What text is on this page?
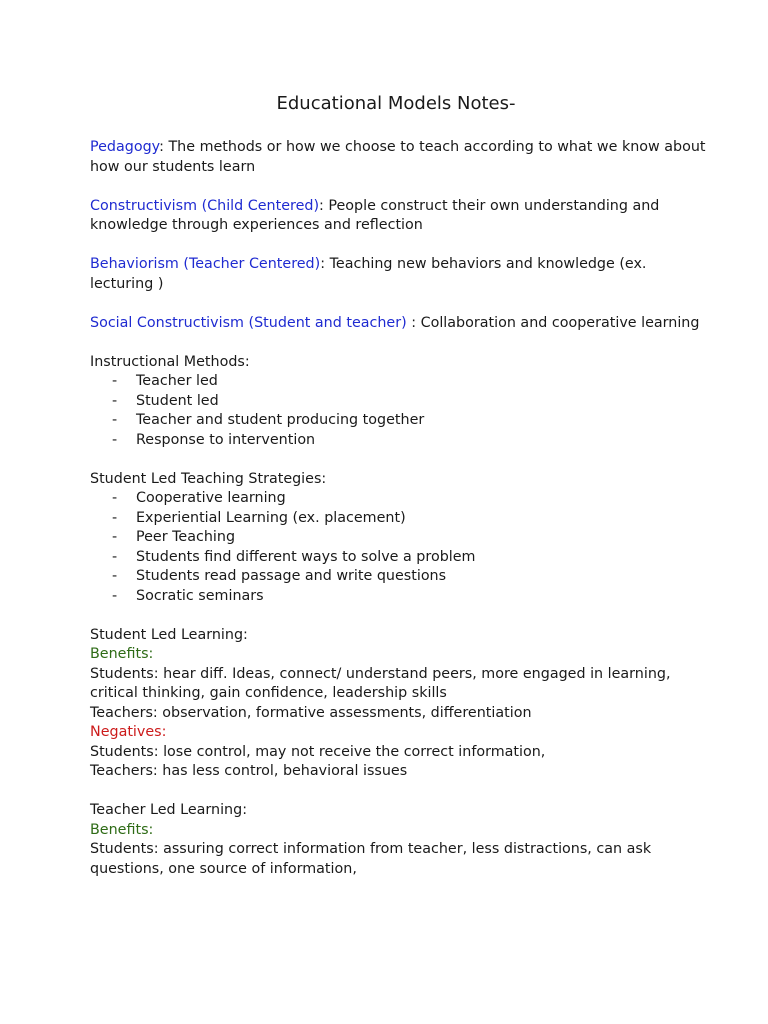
Educational Models Notes-

Pedagogy: The methods or how we choose to teach according to what we know about how our students learn

Constructivism (Child Centered): People construct their own understanding and knowledge through experiences and reflection

Behaviorism (Teacher Centered): Teaching new behaviors and knowledge (ex. lecturing )

Social Constructivism (Student and teacher) : Collaboration and cooperative learning

Instructional Methods:

- Teacher led
- Student led
- Teacher and student producing together
- Response to intervention

Student Led Teaching Strategies:

- Cooperative learning
- Experiential Learning (ex. placement)
- Peer Teaching
- Students find different ways to solve a problem
- Students read passage and write questions
- Socratic seminars

Student Led Learning:

Benefits:

Students: hear diff. Ideas, connect/ understand peers, more engaged in learning, critical thinking, gain confidence, leadership skills

Teachers: observation, formative assessments, differentiation

Negatives:

Students: lose control, may not receive the correct information,

Teachers: has less control, behavioral issues

Teacher Led Learning:

Benefits:

Students: assuring correct information from teacher, less distractions, can ask questions, one source of information,
